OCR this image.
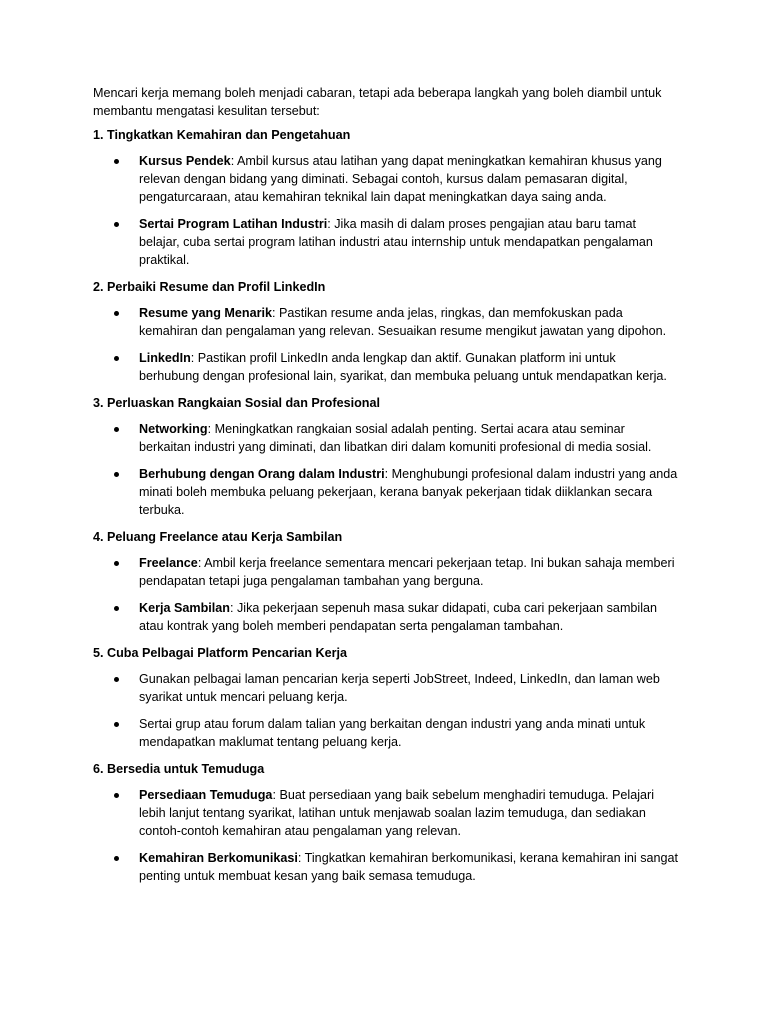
Mencari kerja memang boleh menjadi cabaran, tetapi ada beberapa langkah yang boleh diambil untuk membantu mengatasi kesulitan tersebut:

1. Tingkatkan Kemahiran dan Pengetahuan

Kursus Pendek: Ambil kursus atau latihan yang dapat meningkatkan kemahiran khusus yang relevan dengan bidang yang diminati. Sebagai contoh, kursus dalam pemasaran digital, pengaturcaraan, atau kemahiran teknikal lain dapat meningkatkan daya saing anda.
Sertai Program Latihan Industri: Jika masih di dalam proses pengajian atau baru tamat belajar, cuba sertai program latihan industri atau internship untuk mendapatkan pengalaman praktikal.

2. Perbaiki Resume dan Profil LinkedIn

Resume yang Menarik: Pastikan resume anda jelas, ringkas, dan memfokuskan pada kemahiran dan pengalaman yang relevan. Sesuaikan resume mengikut jawatan yang dipohon.
LinkedIn: Pastikan profil LinkedIn anda lengkap dan aktif. Gunakan platform ini untuk berhubung dengan profesional lain, syarikat, dan membuka peluang untuk mendapatkan kerja.

3. Perluaskan Rangkaian Sosial dan Profesional

Networking: Meningkatkan rangkaian sosial adalah penting. Sertai acara atau seminar berkaitan industri yang diminati, dan libatkan diri dalam komuniti profesional di media sosial.
Berhubung dengan Orang dalam Industri: Menghubungi profesional dalam industri yang anda minati boleh membuka peluang pekerjaan, kerana banyak pekerjaan tidak diiklankan secara terbuka.

4. Peluang Freelance atau Kerja Sambilan

Freelance: Ambil kerja freelance sementara mencari pekerjaan tetap. Ini bukan sahaja memberi pendapatan tetapi juga pengalaman tambahan yang berguna.
Kerja Sambilan: Jika pekerjaan sepenuh masa sukar didapati, cuba cari pekerjaan sambilan atau kontrak yang boleh memberi pendapatan serta pengalaman tambahan.

5. Cuba Pelbagai Platform Pencarian Kerja

Gunakan pelbagai laman pencarian kerja seperti JobStreet, Indeed, LinkedIn, dan laman web syarikat untuk mencari peluang kerja.
Sertai grup atau forum dalam talian yang berkaitan dengan industri yang anda minati untuk mendapatkan maklumat tentang peluang kerja.

6. Bersedia untuk Temuduga

Persediaan Temuduga: Buat persediaan yang baik sebelum menghadiri temuduga. Pelajari lebih lanjut tentang syarikat, latihan untuk menjawab soalan lazim temuduga, dan sediakan contoh-contoh kemahiran atau pengalaman yang relevan.
Kemahiran Berkomunikasi: Tingkatkan kemahiran berkomunikasi, kerana kemahiran ini sangat penting untuk membuat kesan yang baik semasa temuduga.
